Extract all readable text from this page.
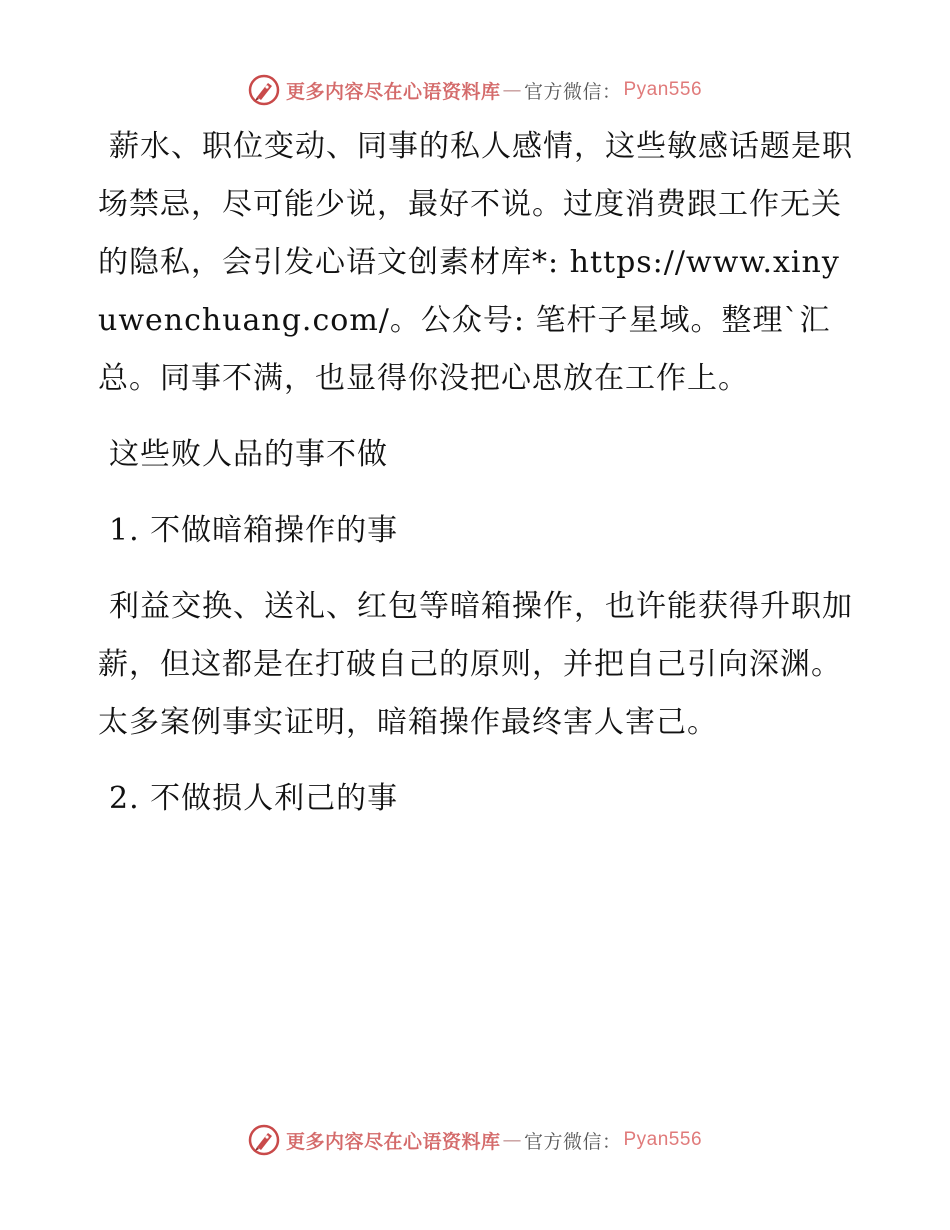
更多内容尽在心语资料库 — 官方微信： Pyan556

薪水、职位变动、同事的私人感情，这些敏感话题是职场禁忌，尽可能少说，最好不说。过度消费跟工作无关的隐私，会引发心语文创素材库*: https://www.xinyuwenchuang.com/。公众号: 笔杆子星域。整理`汇总。同事不满，也显得你没把心思放在工作上。

这些败人品的事不做

1. 不做暗箱操作的事

利益交换、送礼、红包等暗箱操作，也许能获得升职加薪，但这都是在打破自己的原则，并把自己引向深渊。太多案例事实证明，暗箱操作最终害人害己。

2. 不做损人利己的事

更多内容尽在心语资料库 — 官方微信： Pyan556
